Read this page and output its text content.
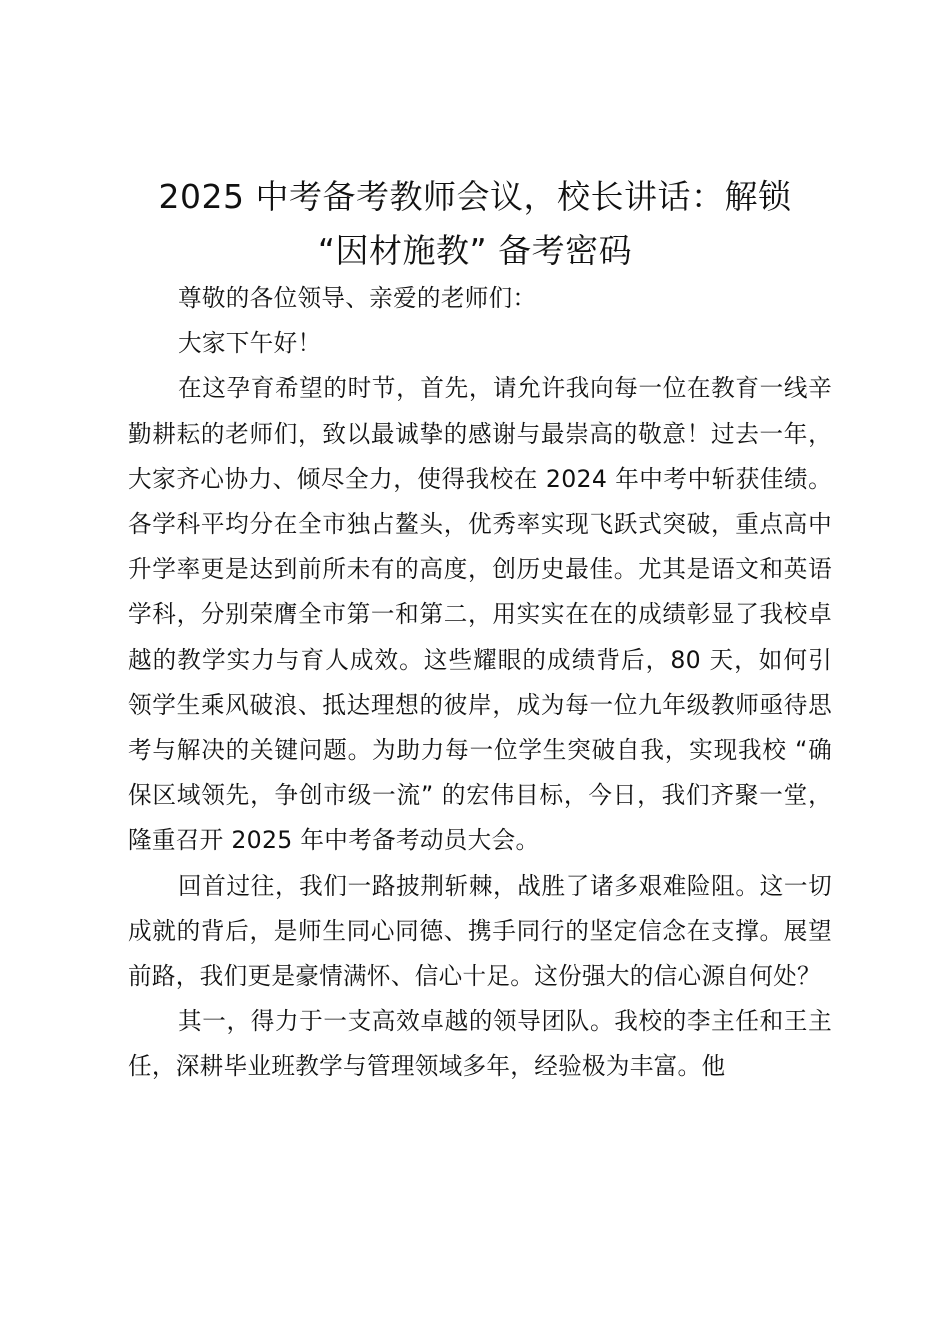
2025 中考备考教师会议，校长讲话：解锁
“因材施教” 备考密码

尊敬的各位领导、亲爱的老师们：

大家下午好！

在这孕育希望的时节，首先，请允许我向每一位在教育一线辛勤耕耘的老师们，致以最诚挚的感谢与最崇高的敬意！过去一年，大家齐心协力、倾尽全力，使得我校在 2024 年中考中斩获佳绩。各学科平均分在全市独占鳌头，优秀率实现飞跃式突破，重点高中升学率更是达到前所未有的高度，创历史最佳。尤其是语文和英语学科，分别荣膺全市第一和第二，用实实在在的成绩彰显了我校卓越的教学实力与育人成效。这些耀眼的成绩背后，80 天，如何引领学生乘风破浪、抵达理想的彼岸，成为每一位九年级教师亟待思考与解决的关键问题。为助力每一位学生突破自我，实现我校 “确保区域领先，争创市级一流” 的宏伟目标，今日，我们齐聚一堂，隆重召开 2025 年中考备考动员大会。

回首过往，我们一路披荆斩棘，战胜了诸多艰难险阻。这一切成就的背后，是师生同心同德、携手同行的坚定信念在支撑。展望前路，我们更是豪情满怀、信心十足。这份强大的信心源自何处？

其一，得力于一支高效卓越的领导团队。我校的李主任和王主任，深耕毕业班教学与管理领域多年，经验极为丰富。他
